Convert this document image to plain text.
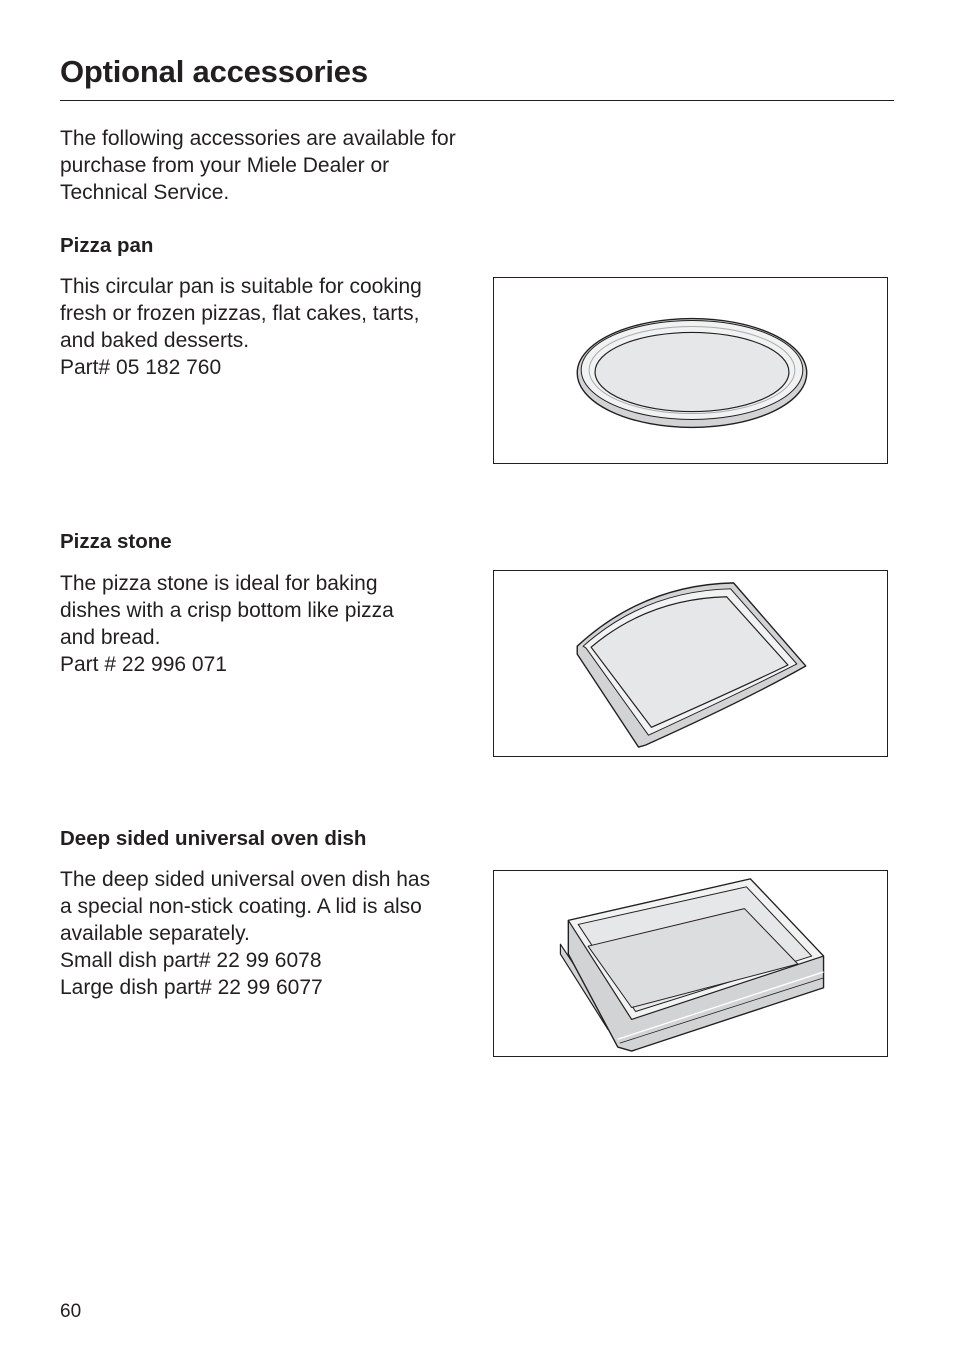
Optional accessories
The following accessories are available for purchase from your Miele Dealer or Technical Service.
Pizza pan
This circular pan is suitable for cooking
fresh or frozen pizzas, flat cakes, tarts,
and baked desserts.
Part# 05 182 760
Pizza stone
The pizza stone is ideal for baking
dishes with a crisp bottom like pizza
and bread.
Part # 22 996 071
Deep sided universal oven dish
The deep sided universal oven dish has
a special non-stick coating. A lid is also
available separately.
Small dish part# 22 99 6078
Large dish part# 22 99 6077
60
